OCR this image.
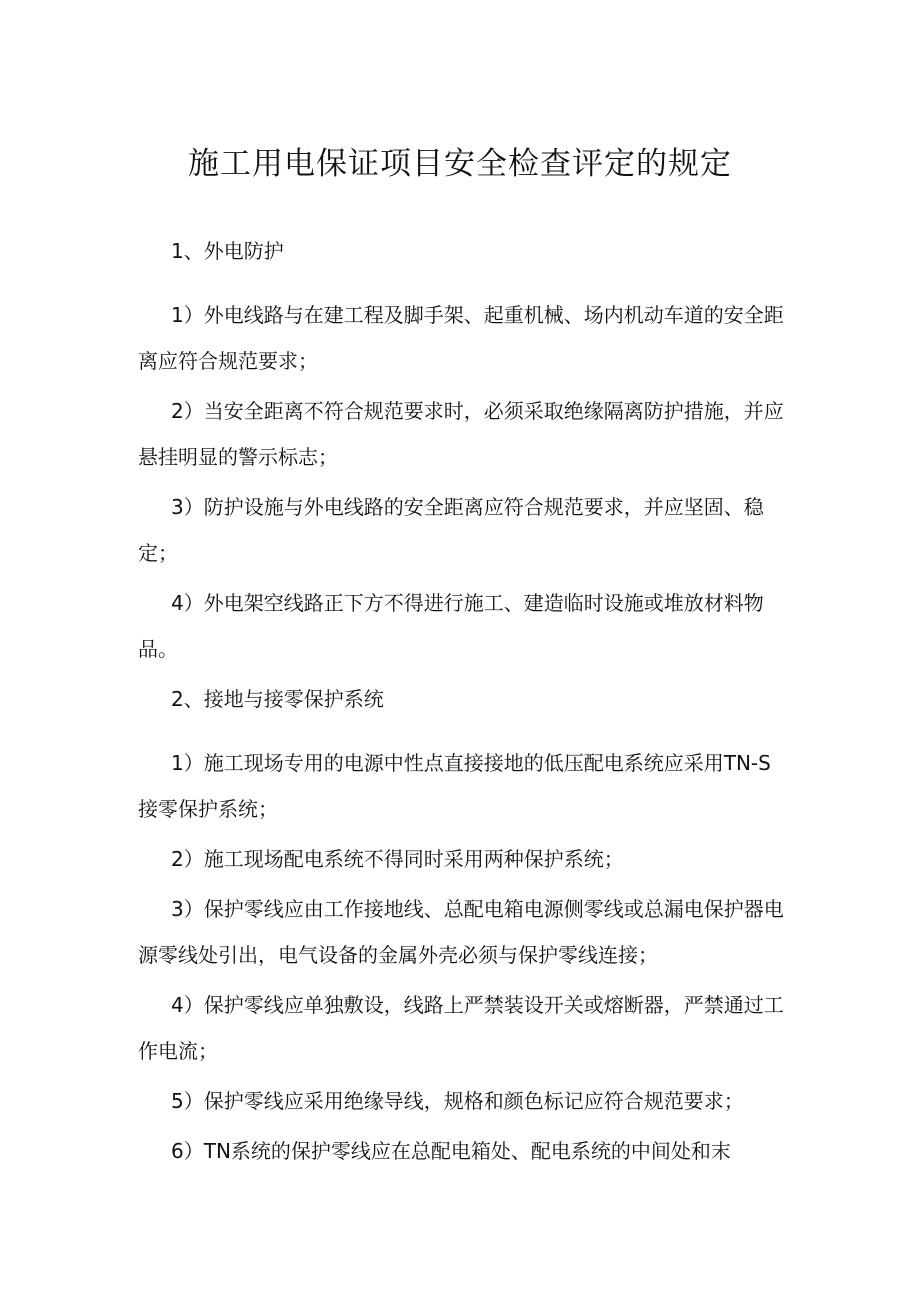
施工用电保证项目安全检查评定的规定

1、外电防护

1）外电线路与在建工程及脚手架、起重机械、场内机动车道的安全距离应符合规范要求；

2）当安全距离不符合规范要求时，必须采取绝缘隔离防护措施，并应悬挂明显的警示标志；

3）防护设施与外电线路的安全距离应符合规范要求，并应坚固、稳定；

4）外电架空线路正下方不得进行施工、建造临时设施或堆放材料物品。

2、接地与接零保护系统

1）施工现场专用的电源中性点直接接地的低压配电系统应采用TN-S接零保护系统；

2）施工现场配电系统不得同时采用两种保护系统；

3）保护零线应由工作接地线、总配电箱电源侧零线或总漏电保护器电源零线处引出，电气设备的金属外壳必须与保护零线连接；

4）保护零线应单独敷设，线路上严禁装设开关或熔断器，严禁通过工作电流；

5）保护零线应采用绝缘导线，规格和颜色标记应符合规范要求；

6）TN系统的保护零线应在总配电箱处、配电系统的中间处和末
